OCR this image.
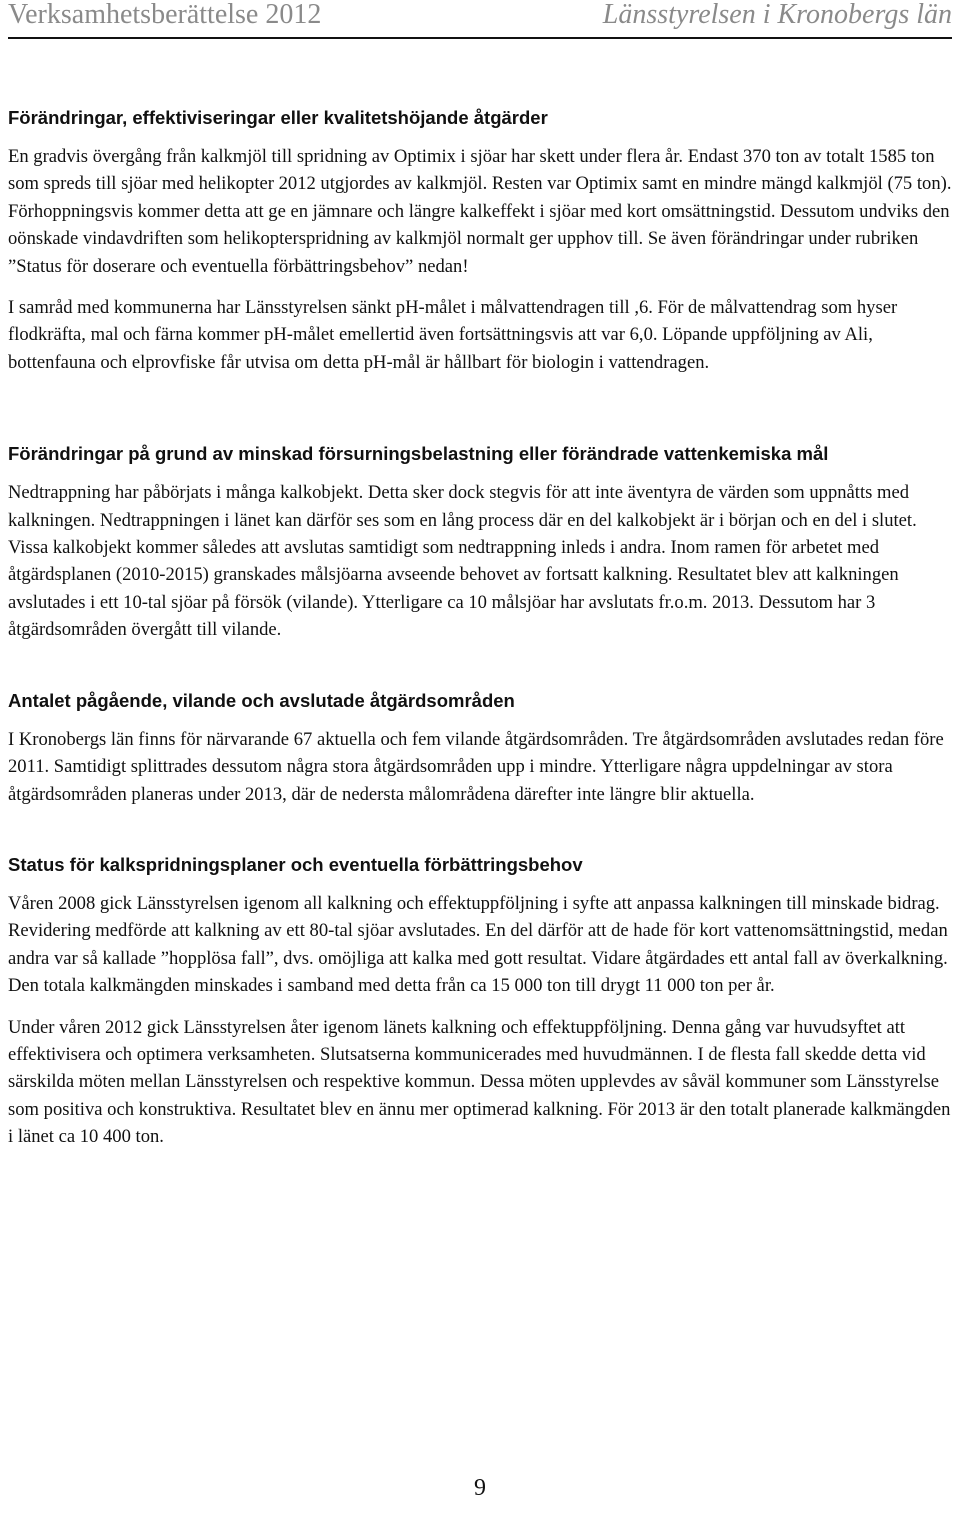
Verksamhetsberättelse 2012	Länsstyrelsen i Kronobergs län
Förändringar, effektiviseringar eller kvalitetshöjande åtgärder

En gradvis övergång från kalkmjöl till spridning av Optimix i sjöar har skett under flera år. Endast 370 ton av totalt 1585 ton som spreds till sjöar med helikopter 2012 utgjordes av kalkmjöl. Resten var Optimix samt en mindre mängd kalkmjöl (75 ton). Förhoppningsvis kommer detta att ge en jämnare och längre kalkeffekt i sjöar med kort omsättningstid. Dessutom undviks den oönskade vindavdriften som helikopterspridning av kalkmjöl normalt ger upphov till. Se även förändringar under rubriken ”Status för doserare och eventuella förbättringsbehov” nedan!

I samråd med kommunerna har Länsstyrelsen sänkt pH-målet i målvattendragen till ,6. För de målvattendrag som hyser flodkräfta, mal och färna kommer pH-målet emellertid även fortsättningsvis att var 6,0. Löpande uppföljning av Ali, bottenfauna och elprovfiske får utvisa om detta pH-mål är hållbart för biologin i vattendragen.

Förändringar på grund av minskad försurningsbelastning eller förändrade vattenkemiska mål

Nedtrappning har påbörjats i många kalkobjekt. Detta sker dock stegvis för att inte äventyra de värden som uppnåtts med kalkningen. Nedtrappningen i länet kan därför ses som en lång process där en del kalkobjekt är i början och en del i slutet. Vissa kalkobjekt kommer således att avslutas samtidigt som nedtrappning inleds i andra. Inom ramen för arbetet med åtgärdsplanen (2010-2015) granskades målsjöarna avseende behovet av fortsatt kalkning. Resultatet blev att kalkningen avslutades i ett 10-tal sjöar på försök (vilande). Ytterligare ca 10 målsjöar har avslutats fr.o.m. 2013. Dessutom har 3 åtgärdsområden övergått till vilande.

Antalet pågående, vilande och avslutade åtgärdsområden

I Kronobergs län finns för närvarande 67 aktuella och fem vilande åtgärdsområden. Tre åtgärdsområden avslutades redan före 2011. Samtidigt splittrades dessutom några stora åtgärdsområden upp i mindre. Ytterligare några uppdelningar av stora åtgärdsområden planeras under 2013, där de nedersta målområdena därefter inte längre blir aktuella.

Status för kalkspridningsplaner och eventuella förbättringsbehov

Våren 2008 gick Länsstyrelsen igenom all kalkning och effektuppföljning i syfte att anpassa kalkningen till minskade bidrag. Revidering medförde att kalkning av ett 80-tal sjöar avslutades. En del därför att de hade för kort vattenomsättningstid, medan andra var så kallade ”hopplösa fall”, dvs. omöjliga att kalka med gott resultat. Vidare åtgärdades ett antal fall av överkalkning. Den totala kalkmängden minskades i samband med detta från ca 15 000 ton till drygt 11 000 ton per år.

Under våren 2012 gick Länsstyrelsen åter igenom länets kalkning och effektuppföljning. Denna gång var huvudsyftet att effektivisera och optimera verksamheten. Slutsatserna kommunicerades med huvudmännen. I de flesta fall skedde detta vid särskilda möten mellan Länsstyrelsen och respektive kommun. Dessa möten upplevdes av såväl kommuner som Länsstyrelse som positiva och konstruktiva. Resultatet blev en ännu mer optimerad kalkning. För 2013 är den totalt planerade kalkmängden i länet ca 10 400 ton.

9
